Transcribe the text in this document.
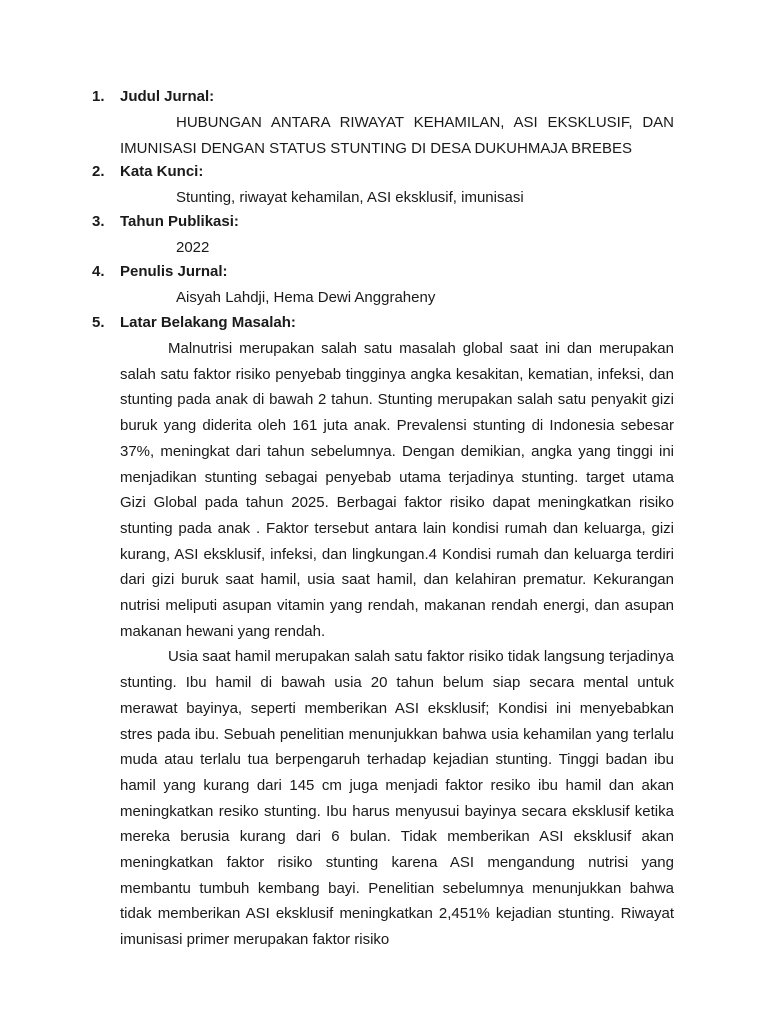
1.	Judul Jurnal:
HUBUNGAN ANTARA RIWAYAT KEHAMILAN, ASI EKSKLUSIF, DAN IMUNISASI DENGAN STATUS STUNTING DI DESA DUKUHMAJA BREBES
2.	Kata Kunci:
Stunting, riwayat kehamilan, ASI eksklusif, imunisasi
3.	Tahun Publikasi:
2022
4.	Penulis Jurnal:
Aisyah Lahdji, Hema Dewi Anggraheny
5.	Latar Belakang Masalah:

Malnutrisi merupakan salah satu masalah global saat ini dan merupakan salah satu faktor risiko penyebab tingginya angka kesakitan, kematian, infeksi, dan stunting pada anak di bawah 2 tahun. Stunting merupakan salah satu penyakit gizi buruk yang diderita oleh 161 juta anak. Prevalensi stunting di Indonesia sebesar 37%, meningkat dari tahun sebelumnya. Dengan demikian, angka yang tinggi ini menjadikan stunting sebagai penyebab utama terjadinya stunting. target utama Gizi Global pada tahun 2025. Berbagai faktor risiko dapat meningkatkan risiko stunting pada anak . Faktor tersebut antara lain kondisi rumah dan keluarga, gizi kurang, ASI eksklusif, infeksi, dan lingkungan.4 Kondisi rumah dan keluarga terdiri dari gizi buruk saat hamil, usia saat hamil, dan kelahiran prematur. Kekurangan nutrisi meliputi asupan vitamin yang rendah, makanan rendah energi, dan asupan makanan hewani yang rendah.

Usia saat hamil merupakan salah satu faktor risiko tidak langsung terjadinya stunting. Ibu hamil di bawah usia 20 tahun belum siap secara mental untuk merawat bayinya, seperti memberikan ASI eksklusif; Kondisi ini menyebabkan stres pada ibu. Sebuah penelitian menunjukkan bahwa usia kehamilan yang terlalu muda atau terlalu tua berpengaruh terhadap kejadian stunting. Tinggi badan ibu hamil yang kurang dari 145 cm juga menjadi faktor resiko ibu hamil dan akan meningkatkan resiko stunting. Ibu harus menyusui bayinya secara eksklusif ketika mereka berusia kurang dari 6 bulan. Tidak memberikan ASI eksklusif akan meningkatkan faktor risiko stunting karena ASI mengandung nutrisi yang membantu tumbuh kembang bayi. Penelitian sebelumnya menunjukkan bahwa tidak memberikan ASI eksklusif meningkatkan 2,451% kejadian stunting. Riwayat imunisasi primer merupakan faktor risiko
